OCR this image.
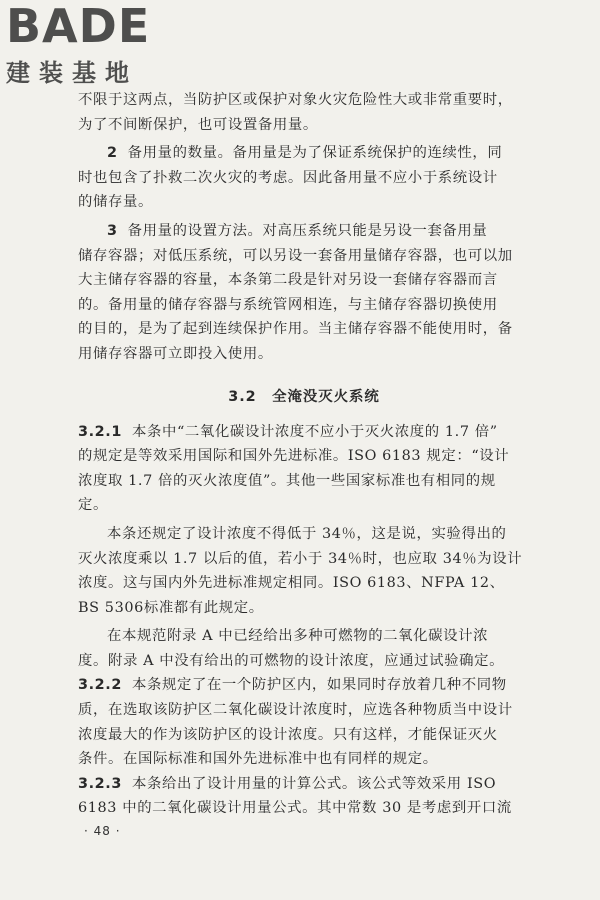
BADE
建装基地

不限于这两点，当防护区或保护对象火灾危险性大或非常重要时，

为了不间断保护，也可设置备用量。

2 备用量的数量。备用量是为了保证系统保护的连续性，同

时也包含了扑救二次火灾的考虑。因此备用量不应小于系统设计

的储存量。

3 备用量的设置方法。对高压系统只能是另设一套备用量

储存容器；对低压系统，可以另设一套备用量储存容器，也可以加

大主储存容器的容量，本条第二段是针对另设一套储存容器而言

的。备用量的储存容器与系统管网相连，与主储存容器切换使用

的目的，是为了起到连续保护作用。当主储存容器不能使用时，备

用储存容器可立即投入使用。

3.2　全淹没灭火系统

3.2.1 本条中“二氧化碳设计浓度不应小于灭火浓度的 1.7 倍”

的规定是等效采用国际和国外先进标准。ISO 6183 规定：“设计

浓度取 1.7 倍的灭火浓度值”。其他一些国家标准也有相同的规

定。

本条还规定了设计浓度不得低于 34％，这是说，实验得出的

灭火浓度乘以 1.7 以后的值，若小于 34％时，也应取 34％为设计

浓度。这与国内外先进标准规定相同。ISO 6183、NFPA 12、

BS 5306标准都有此规定。

在本规范附录 A 中已经给出多种可燃物的二氧化碳设计浓

度。附录 A 中没有给出的可燃物的设计浓度，应通过试验确定。

3.2.2 本条规定了在一个防护区内，如果同时存放着几种不同物

质，在选取该防护区二氧化碳设计浓度时，应选各种物质当中设计

浓度最大的作为该防护区的设计浓度。只有这样，才能保证灭火

条件。在国际标准和国外先进标准中也有同样的规定。

3.2.3 本条给出了设计用量的计算公式。该公式等效采用 ISO

6183 中的二氧化碳设计用量公式。其中常数 30 是考虑到开口流

· 48 ·
